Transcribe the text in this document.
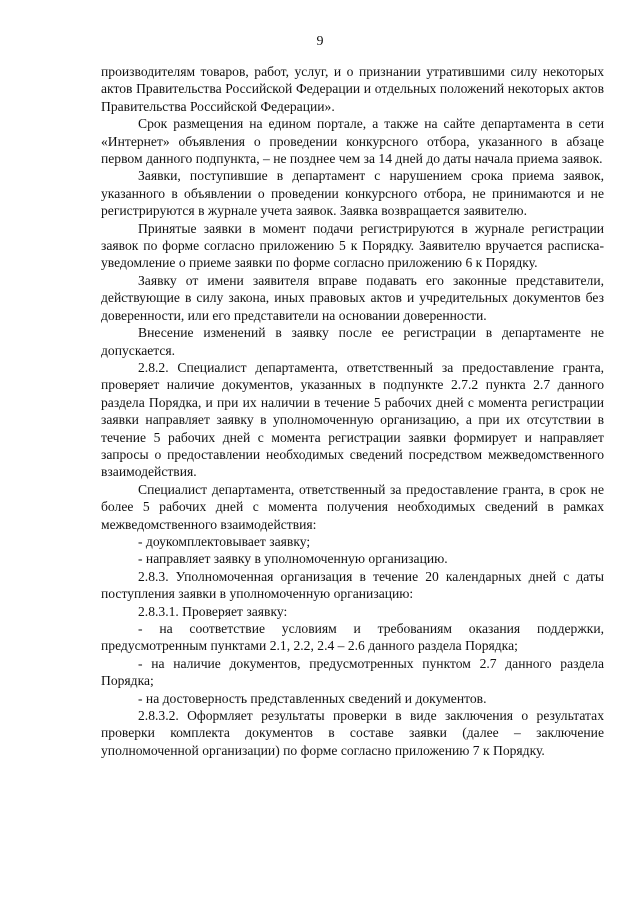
9

производителям товаров, работ, услуг, и о признании утратившими силу некоторых актов Правительства Российской Федерации и отдельных положений некоторых актов Правительства Российской Федерации».

Срок размещения на едином портале, а также на сайте департамента в сети «Интернет» объявления о проведении конкурсного отбора, указанного в абзаце первом данного подпункта, – не позднее чем за 14 дней до даты начала приема заявок.

Заявки, поступившие в департамент с нарушением срока приема заявок, указанного в объявлении о проведении конкурсного отбора, не принимаются и не регистрируются в журнале учета заявок. Заявка возвращается заявителю.

Принятые заявки в момент подачи регистрируются в журнале регистрации заявок по форме согласно приложению 5 к Порядку. Заявителю вручается расписка-уведомление о приеме заявки по форме согласно приложению 6 к Порядку.

Заявку от имени заявителя вправе подавать его законные представители, действующие в силу закона, иных правовых актов и учредительных документов без доверенности, или его представители на основании доверенности.

Внесение изменений в заявку после ее регистрации в департаменте не допускается.

2.8.2. Специалист департамента, ответственный за предоставление гранта, проверяет наличие документов, указанных в подпункте 2.7.2 пункта 2.7 данного раздела Порядка, и при их наличии в течение 5 рабочих дней с момента регистрации заявки направляет заявку в уполномоченную организацию, а при их отсутствии в течение 5 рабочих дней с момента регистрации заявки формирует и направляет запросы о предоставлении необходимых сведений посредством межведомственного взаимодействия.

Специалист департамента, ответственный за предоставление гранта, в срок не более 5 рабочих дней с момента получения необходимых сведений в рамках межведомственного взаимодействия:

- доукомплектовывает заявку;

- направляет заявку в уполномоченную организацию.

2.8.3. Уполномоченная организация в течение 20 календарных дней с даты поступления заявки в уполномоченную организацию:

2.8.3.1. Проверяет заявку:

- на соответствие условиям и требованиям оказания поддержки, предусмотренным пунктами 2.1, 2.2, 2.4 – 2.6 данного раздела Порядка;

- на наличие документов, предусмотренных пунктом 2.7 данного раздела Порядка;

- на достоверность представленных сведений и документов.

2.8.3.2. Оформляет результаты проверки в виде заключения о результатах проверки комплекта документов в составе заявки (далее – заключение уполномоченной организации) по форме согласно приложению 7 к Порядку.
